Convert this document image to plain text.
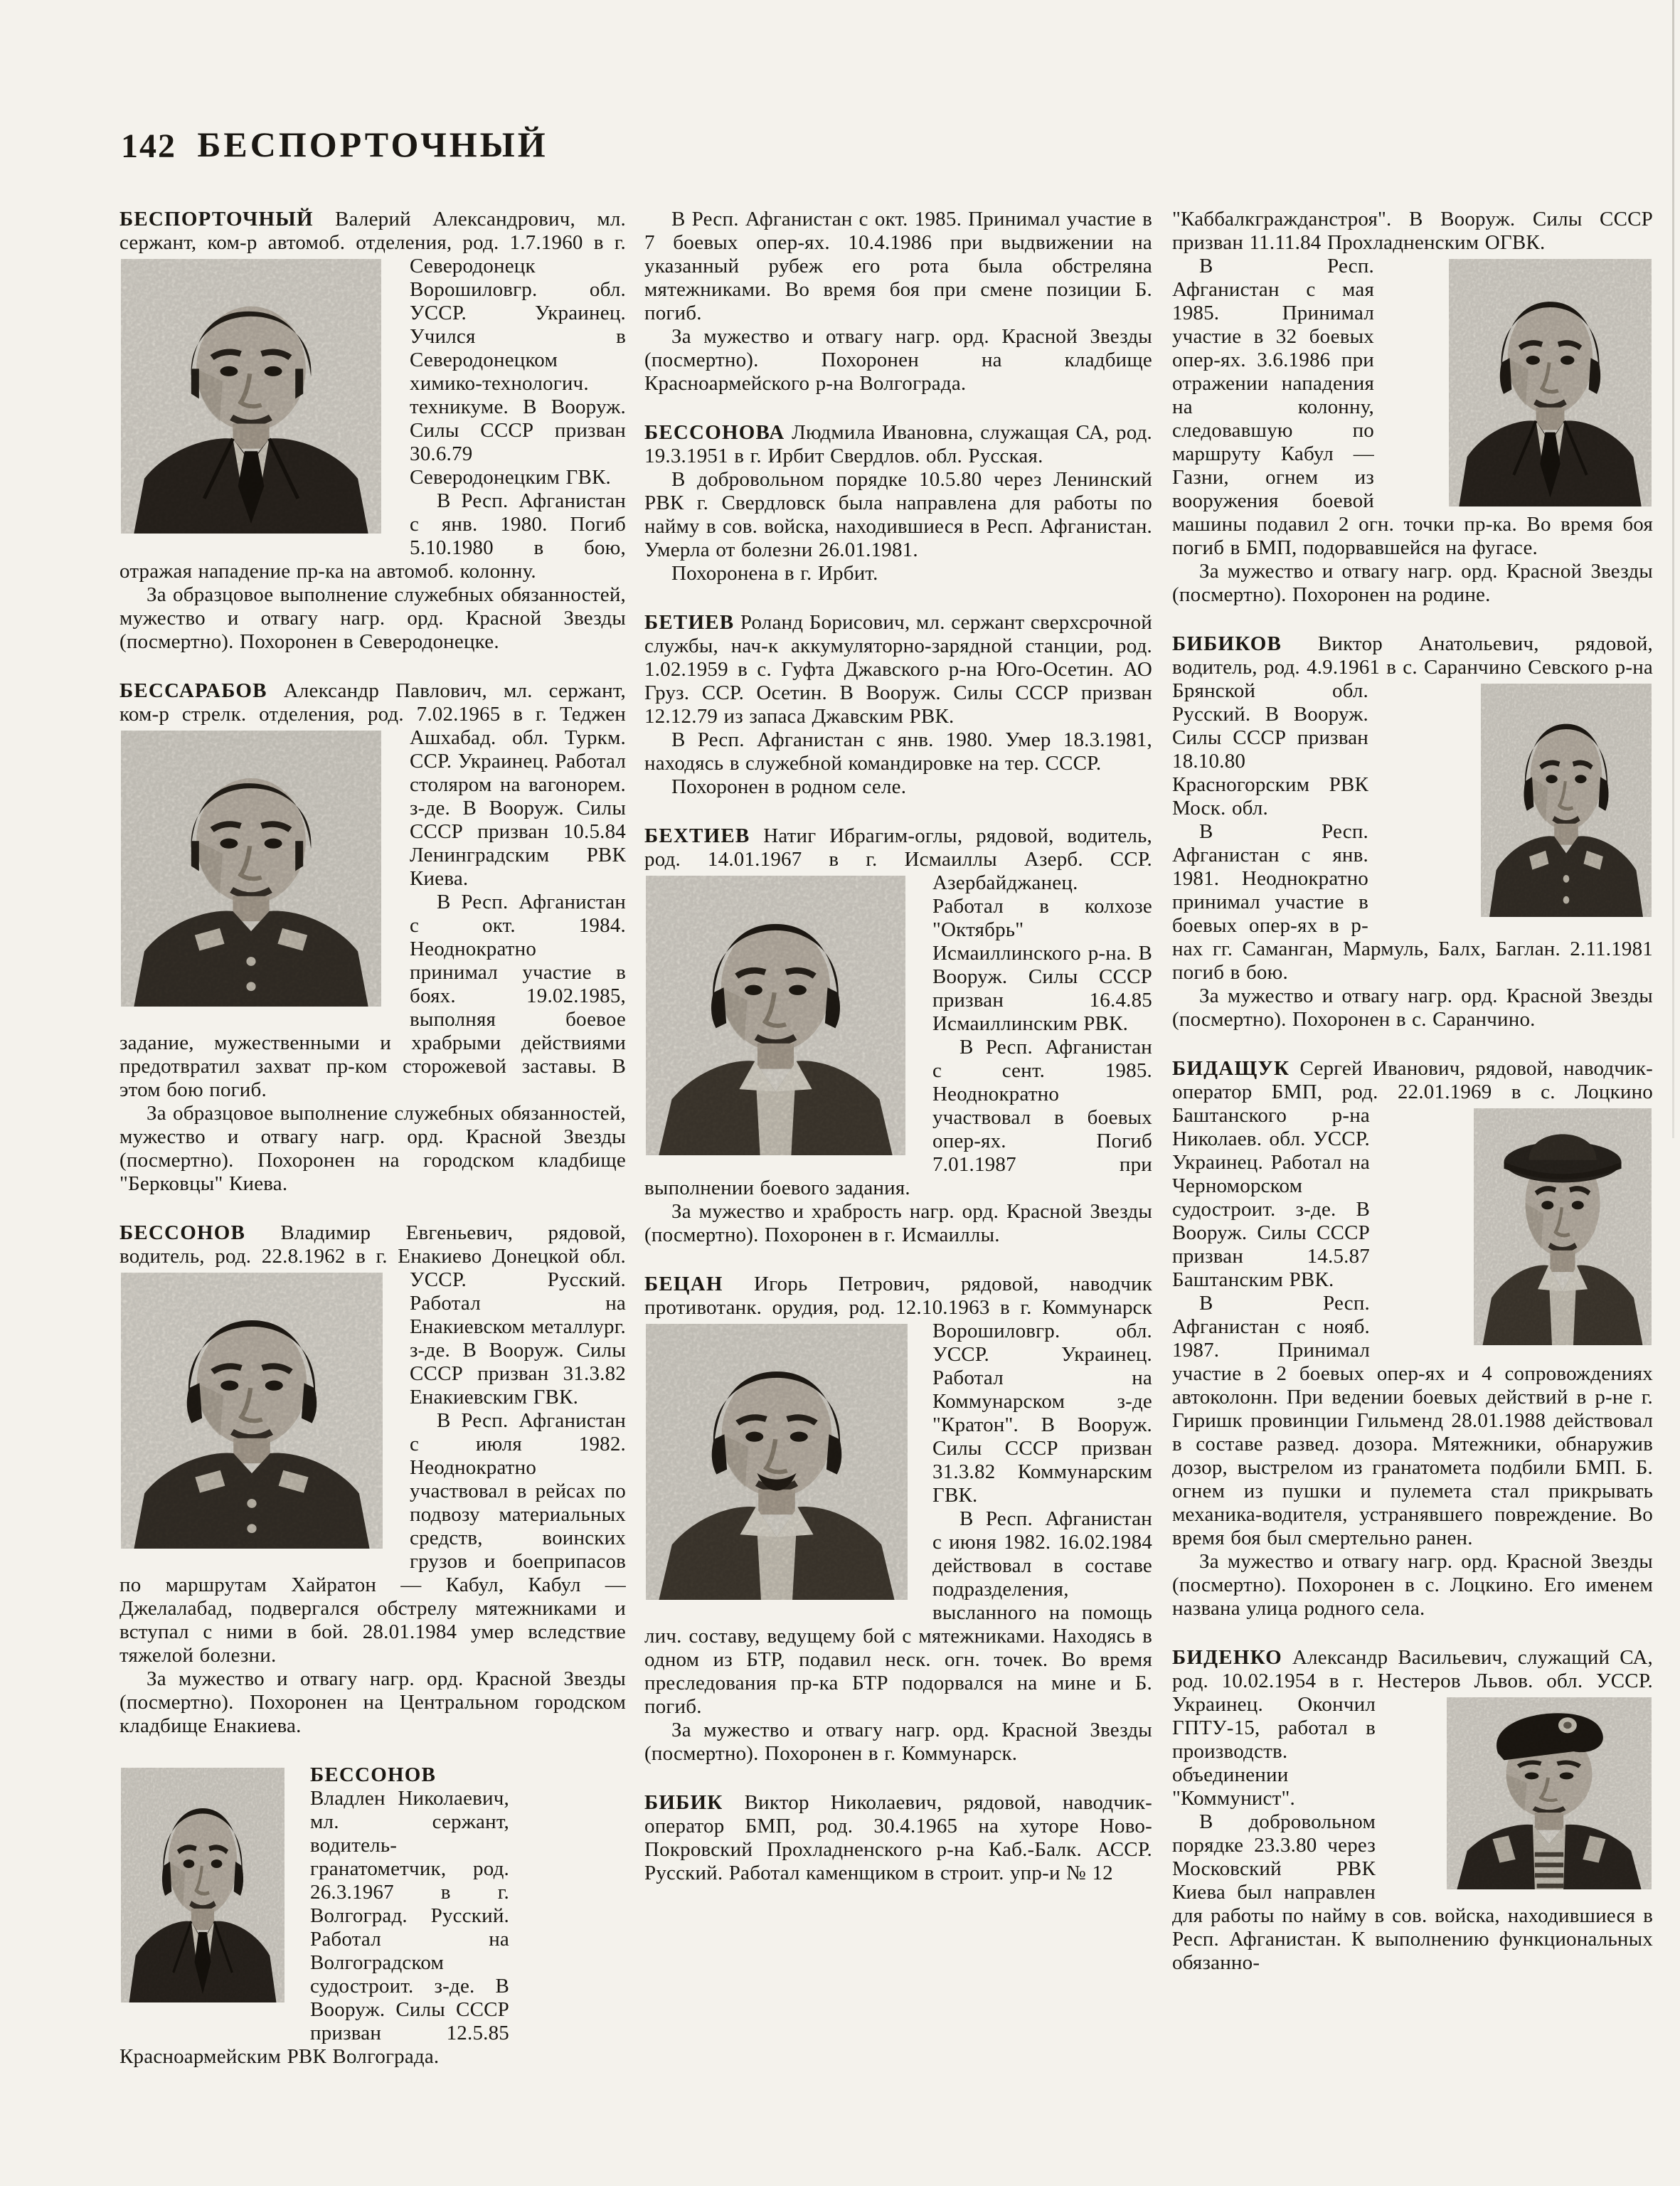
142 БЕСПОРТОЧНЫЙ

БЕСПОРТОЧНЫЙ Валерий Александрович, мл. сержант, ком-р автомоб. отделения, род. 1.7.1960 в г. Северодонецк Ворошиловгр. обл. УССР. Украинец. Учился в Северодонецком химико-технологич. техникуме. В Вооруж. Силы СССР призван 30.6.79 Северодонецким ГВК.

В Респ. Афганистан с янв. 1980. Погиб 5.10.1980 в бою, отражая нападение пр-ка на автомоб. колонну.

За образцовое выполнение служебных обязанностей, мужество и отвагу нагр. орд. Красной Звезды (посмертно). Похоронен в Северодонецке.

БЕССАРАБОВ Александр Павлович, мл. сержант, ком-р стрелк. отделения, род. 7.02.1965 в г. Теджен Ашхабад. обл. Туркм. ССР. Украинец. Работал столяром на вагонорем. з-де. В Вооруж. Силы СССР призван 10.5.84 Ленинградским РВК Киева.

В Респ. Афганистан с окт. 1984. Неоднократно принимал участие в боях. 19.02.1985, выполняя боевое задание, мужественными и храбрыми действиями предотвратил захват пр-ком сторожевой заставы. В этом бою погиб.

За образцовое выполнение служебных обязанностей, мужество и отвагу нагр. орд. Красной Звезды (посмертно). Похоронен на городском кладбище "Берковцы" Киева.

БЕССОНОВ Владимир Евгеньевич, рядовой, водитель, род. 22.8.1962 в г. Енакиево Донецкой обл. УССР. Русский. Работал на Енакиевском металлург. з-де. В Вооруж. Силы СССР призван 31.3.82 Енакиевским ГВК.

В Респ. Афганистан с июля 1982. Неоднократно участвовал в рейсах по подвозу материальных средств, воинских грузов и боеприпасов по маршрутам Хайратон — Кабул, Кабул — Джелалабад, подвергался обстрелу мятежниками и вступал с ними в бой. 28.01.1984 умер вследствие тяжелой болезни.

За мужество и отвагу нагр. орд. Красной Звезды (посмертно). Похоронен на Центральном городском кладбище Енакиева.

БЕССОНОВ Владлен Николаевич, мл. сержант, водитель-гранатометчик, род. 26.3.1967 в г. Волгоград. Русский. Работал на Волгоградском судостроит. з-де. В Вооруж. Силы СССР призван 12.5.85 Красноармейским РВК Волгограда.

В Респ. Афганистан с окт. 1985. Принимал участие в 7 боевых опер-ях. 10.4.1986 при выдвижении на указанный рубеж его рота была обстреляна мятежниками. Во время боя при смене позиции Б. погиб.

За мужество и отвагу нагр. орд. Красной Звезды (посмертно). Похоронен на кладбище Красноармейского р-на Волгограда.

БЕССОНОВА Людмила Ивановна, служащая СА, род. 19.3.1951 в г. Ирбит Свердлов. обл. Русская.

В добровольном порядке 10.5.80 через Ленинский РВК г. Свердловск была направлена для работы по найму в сов. войска, находившиеся в Респ. Афганистан. Умерла от болезни 26.01.1981.

Похоронена в г. Ирбит.

БЕТИЕВ Роланд Борисович, мл. сержант сверхсрочной службы, нач-к аккумуляторно-зарядной станции, род. 1.02.1959 в с. Гуфта Джавского р-на Юго-Осетин. АО Груз. ССР. Осетин. В Вооруж. Силы СССР призван 12.12.79 из запаса Джавским РВК.

В Респ. Афганистан с янв. 1980. Умер 18.3.1981, находясь в служебной командировке на тер. СССР.

Похоронен в родном селе.

БЕХТИЕВ Натиг Ибрагим-оглы, рядовой, водитель, род. 14.01.1967 в г. Исмаиллы Азерб. ССР. Азербайджанец. Работал в колхозе "Октябрь" Исмаиллинского р-на. В Вооруж. Силы СССР призван 16.4.85 Исмаиллинским РВК.

В Респ. Афганистан с сент. 1985. Неоднократно участвовал в боевых опер-ях. Погиб 7.01.1987 при выполнении боевого задания.

За мужество и храбрость нагр. орд. Красной Звезды (посмертно). Похоронен в г. Исмаиллы.

БЕЦАН Игорь Петрович, рядовой, наводчик противотанк. орудия, род. 12.10.1963 в г. Коммунарск Ворошиловгр. обл. УССР. Украинец. Работал на Коммунарском з-де "Кратон". В Вооруж. Силы СССР призван 31.3.82 Коммунарским ГВК.

В Респ. Афганистан с июня 1982. 16.02.1984 действовал в составе подразделения, высланного на помощь лич. составу, ведущему бой с мятежниками. Находясь в одном из БТР, подавил неск. огн. точек. Во время преследования пр-ка БТР подорвался на мине и Б. погиб.

За мужество и отвагу нагр. орд. Красной Звезды (посмертно). Похоронен в г. Коммунарск.

БИБИК Виктор Николаевич, рядовой, наводчик-оператор БМП, род. 30.4.1965 на хуторе Ново-Покровский Прохладненского р-на Каб.-Балк. АССР. Русский. Работал каменщиком в строит. упр-и № 12

"Каббалкгражданстроя". В Вооруж. Силы СССР призван 11.11.84 Прохладненским ОГВК.

В Респ. Афганистан с мая 1985. Принимал участие в 32 боевых опер-ях. 3.6.1986 при отражении нападения на колонну, следовавшую по маршруту Кабул — Газни, огнем из вооружения боевой машины подавил 2 огн. точки пр-ка. Во время боя погиб в БМП, подорвавшейся на фугасе.

За мужество и отвагу нагр. орд. Красной Звезды (посмертно). Похоронен на родине.

БИБИКОВ Виктор Анатольевич, рядовой, водитель, род. 4.9.1961 в с. Саранчино Севского р-на Брянской обл. Русский. В Вооруж. Силы СССР призван 18.10.80 Красногорским РВК Моск. обл.

В Респ. Афганистан с янв. 1981. Неоднократно принимал участие в боевых опер-ях в р-нах гг. Саманган, Мармуль, Балх, Баглан. 2.11.1981 погиб в бою.

За мужество и отвагу нагр. орд. Красной Звезды (посмертно). Похоронен в с. Саранчино.

БИДАЩУК Сергей Иванович, рядовой, наводчик-оператор БМП, род. 22.01.1969 в с. Лоцкино Баштанского р-на Николаев. обл. УССР. Украинец. Работал на Черноморском судостроит. з-де. В Вооруж. Силы СССР призван 14.5.87 Баштанским РВК.

В Респ. Афганистан с нояб. 1987. Принимал участие в 2 боевых опер-ях и 4 сопровождениях автоколонн. При ведении боевых действий в р-не г. Гиришк провинции Гильменд 28.01.1988 действовал в составе развед. дозора. Мятежники, обнаружив дозор, выстрелом из гранатомета подбили БМП. Б. огнем из пушки и пулемета стал прикрывать механика-водителя, устранявшего повреждение. Во время боя был смертельно ранен.

За мужество и отвагу нагр. орд. Красной Звезды (посмертно). Похоронен в с. Лоцкино. Его именем названа улица родного села.

БИДЕНКО Александр Васильевич, служащий СА, род. 10.02.1954 в г. Нестеров Львов. обл. УССР. Украинец. Окончил ГПТУ-15, работал в производств. объединении "Коммунист".

В добровольном порядке 23.3.80 через Московский РВК Киева был направлен для работы по найму в сов. войска, находившиеся в Респ. Афганистан. К выполнению функциональных обязанно-
